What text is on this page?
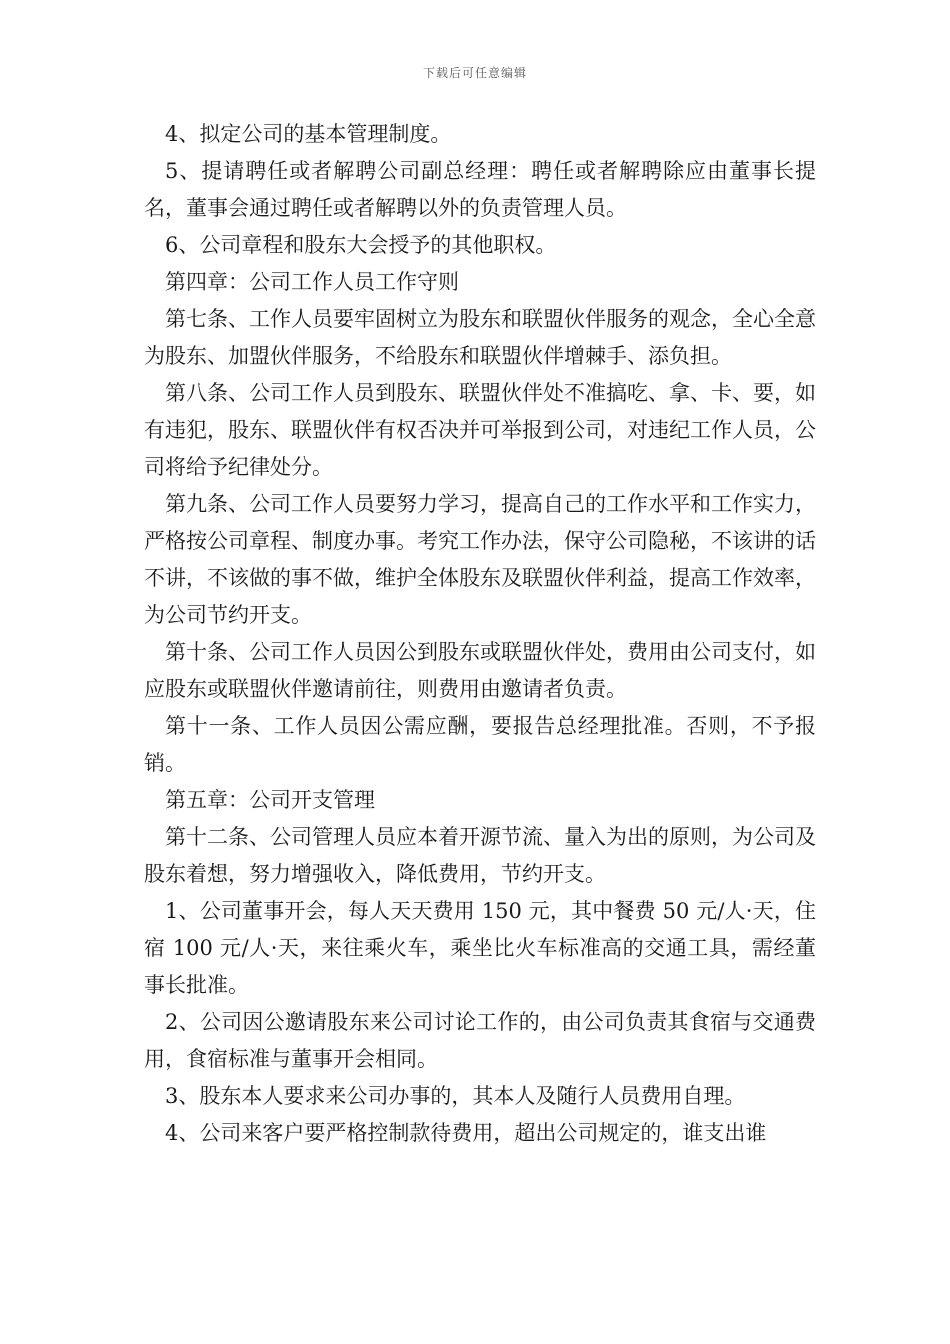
下载后可任意编辑

4、拟定公司的基本管理制度。

5、提请聘任或者解聘公司副总经理：聘任或者解聘除应由董事长提名，董事会通过聘任或者解聘以外的负责管理人员。

6、公司章程和股东大会授予的其他职权。

第四章：公司工作人员工作守则

第七条、工作人员要牢固树立为股东和联盟伙伴服务的观念，全心全意为股东、加盟伙伴服务，不给股东和联盟伙伴增棘手、添负担。

第八条、公司工作人员到股东、联盟伙伴处不准搞吃、拿、卡、要，如有违犯，股东、联盟伙伴有权否决并可举报到公司，对违纪工作人员，公司将给予纪律处分。

第九条、公司工作人员要努力学习，提高自己的工作水平和工作实力，严格按公司章程、制度办事。考究工作办法，保守公司隐秘，不该讲的话不讲，不该做的事不做，维护全体股东及联盟伙伴利益，提高工作效率，为公司节约开支。

第十条、公司工作人员因公到股东或联盟伙伴处，费用由公司支付，如应股东或联盟伙伴邀请前往，则费用由邀请者负责。

第十一条、工作人员因公需应酬，要报告总经理批准。否则，不予报销。

第五章：公司开支管理

第十二条、公司管理人员应本着开源节流、量入为出的原则，为公司及股东着想，努力增强收入，降低费用，节约开支。

1、公司董事开会，每人天天费用 150 元，其中餐费 50 元/人·天，住宿 100 元/人·天，来往乘火车，乘坐比火车标准高的交通工具，需经董事长批准。

2、公司因公邀请股东来公司讨论工作的，由公司负责其食宿与交通费用，食宿标准与董事开会相同。

3、股东本人要求来公司办事的，其本人及随行人员费用自理。

4、公司来客户要严格控制款待费用，超出公司规定的，谁支出谁
